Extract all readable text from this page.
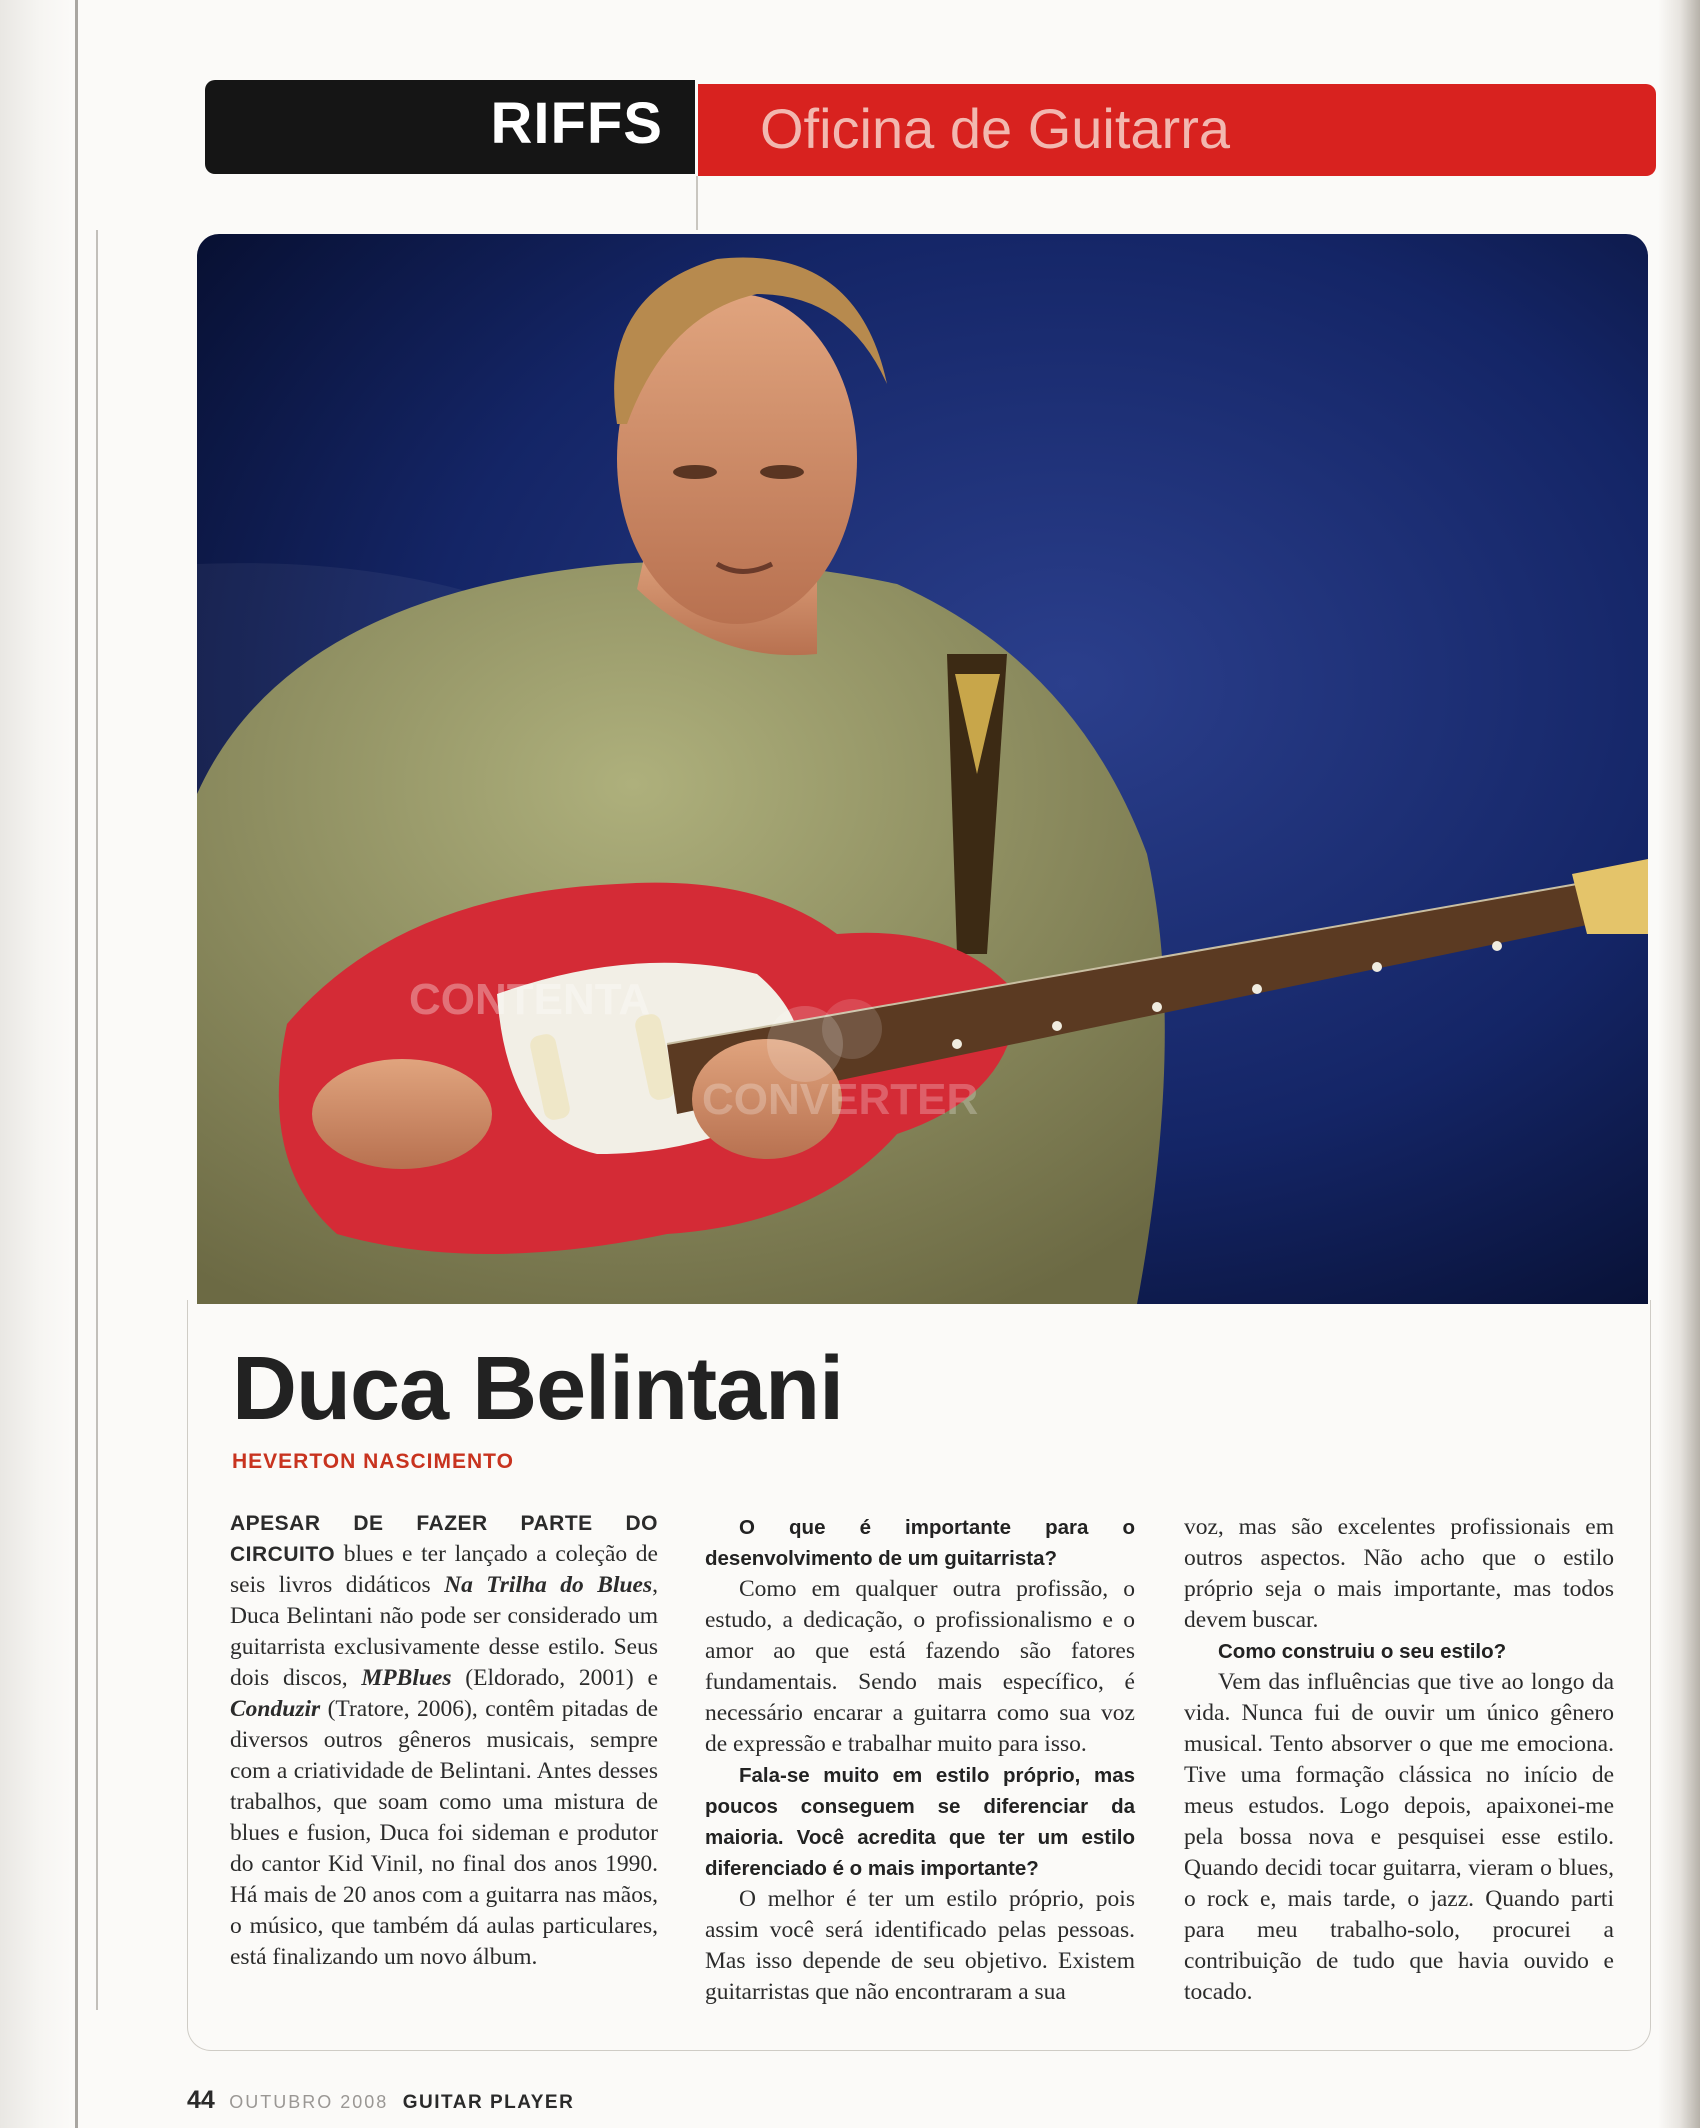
RIFFS Oficina de Guitarra
CONTENTA
CONVERTER
Duca Belintani
HEVERTON NASCIMENTO

APESAR DE FAZER PARTE DO CIRCUITO blues e ter lançado a coleção de seis livros didáticos Na Trilha do Blues, Duca Belintani não pode ser considerado um guitarrista exclusivamente desse estilo. Seus dois discos, MPBlues (Eldorado, 2001) e Conduzir (Tratore, 2006), contêm pitadas de diversos outros gêneros musicais, sempre com a criatividade de Belintani. Antes desses trabalhos, que soam como uma mistura de blues e fusion, Duca foi sideman e produtor do cantor Kid Vinil, no final dos anos 1990. Há mais de 20 anos com a guitarra nas mãos, o músico, que também dá aulas particulares, está finalizando um novo álbum.

O que é importante para o desenvolvimento de um guitarrista?

Como em qualquer outra profissão, o estudo, a dedicação, o profissionalismo e o amor ao que está fazendo são fatores fundamentais. Sendo mais específico, é necessário encarar a guitarra como sua voz de expressão e trabalhar muito para isso.

Fala-se muito em estilo próprio, mas poucos conseguem se diferenciar da maioria. Você acredita que ter um estilo diferenciado é o mais importante?

O melhor é ter um estilo próprio, pois assim você será identificado pelas pessoas. Mas isso depende de seu objetivo. Existem guitarristas que não encontraram a sua

voz, mas são excelentes profissionais em outros aspectos. Não acho que o estilo próprio seja o mais importante, mas todos devem buscar.

Como construiu o seu estilo?

Vem das influências que tive ao longo da vida. Nunca fui de ouvir um único gênero musical. Tento absorver o que me emociona. Tive uma formação clássica no início de meus estudos. Logo depois, apaixonei-me pela bossa nova e pesquisei esse estilo. Quando decidi tocar guitarra, vieram o blues, o rock e, mais tarde, o jazz. Quando parti para meu trabalho-solo, procurei a contribuição de tudo que havia ouvido e tocado.

44 OUTUBRO 2008 GUITAR PLAYER
